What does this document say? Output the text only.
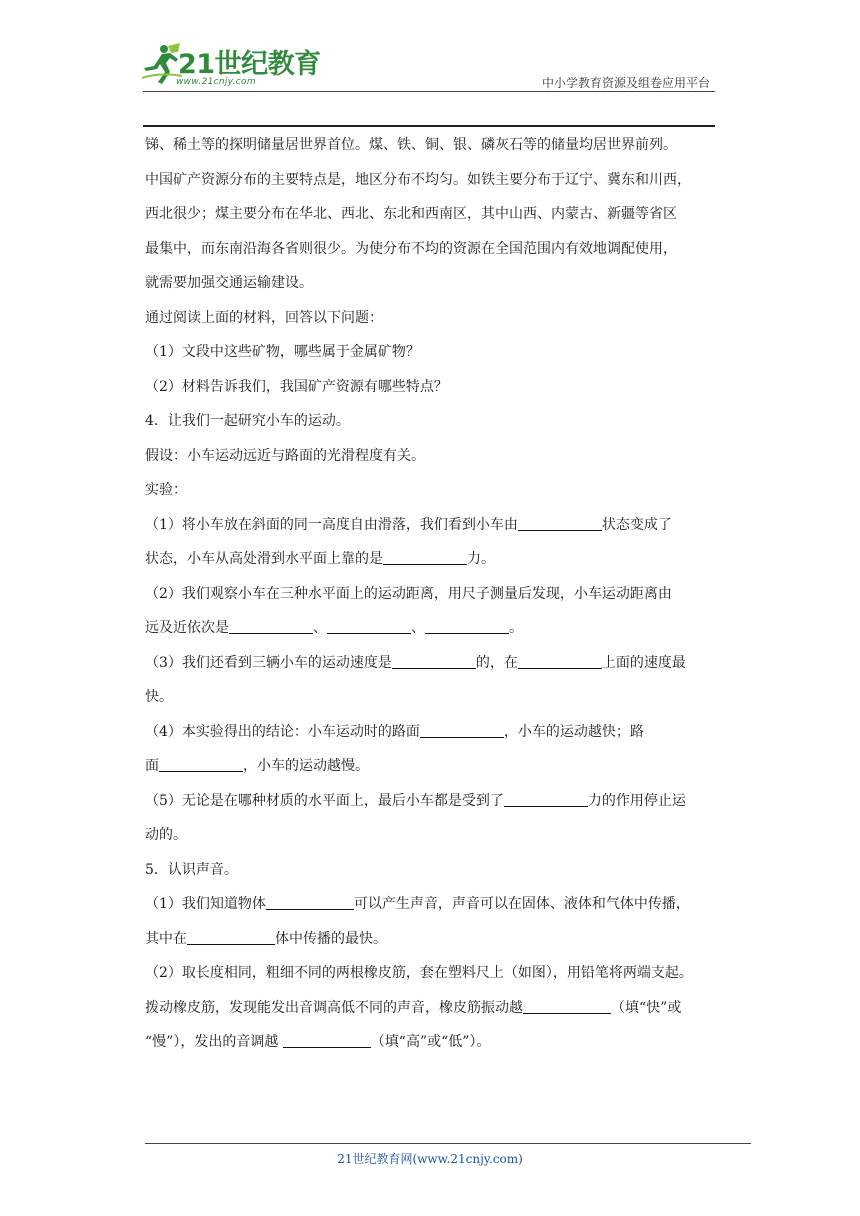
21世纪教育
www.21cnjy.com	中小学教育资源及组卷应用平台
锑、稀土等的探明储量居世界首位。煤、铁、铜、银、磷灰石等的储量均居世界前列。
中国矿产资源分布的主要特点是，地区分布不均匀。如铁主要分布于辽宁、冀东和川西，
西北很少；煤主要分布在华北、西北、东北和西南区，其中山西、内蒙古、新疆等省区
最集中，而东南沿海各省则很少。为使分布不均的资源在全国范围内有效地调配使用，
就需要加强交通运输建设。
通过阅读上面的材料，回答以下问题：
（1）文段中这些矿物，哪些属于金属矿物？
（2）材料告诉我们，我国矿产资源有哪些特点？
4．让我们一起研究小车的运动。
假设：小车运动远近与路面的光滑程度有关。
实验：
（1）将小车放在斜面的同一高度自由滑落，我们看到小车由	状态变成了
状态，小车从高处滑到水平面上靠的是	力。
（2）我们观察小车在三种水平面上的运动距离，用尺子测量后发现，小车运动距离由
远及近依次是	、	、	。
（3）我们还看到三辆小车的运动速度是	的，在	上面的速度最
快。
（4）本实验得出的结论：小车运动时的路面	，小车的运动越快；路
面	，小车的运动越慢。
（5）无论是在哪种材质的水平面上，最后小车都是受到了	力的作用停止运
动的。
5．认识声音。
（1）我们知道物体	可以产生声音，声音可以在固体、液体和气体中传播，
其中在	体中传播的最快。
（2）取长度相同，粗细不同的两根橡皮筋，套在塑料尺上（如图），用铅笔将两端支起。
拨动橡皮筋，发现能发出音调高低不同的声音，橡皮筋振动越	（填“快”或
“慢”），发出的音调越	（填“高”或“低”）。
21世纪教育网(www.21cnjy.com)
